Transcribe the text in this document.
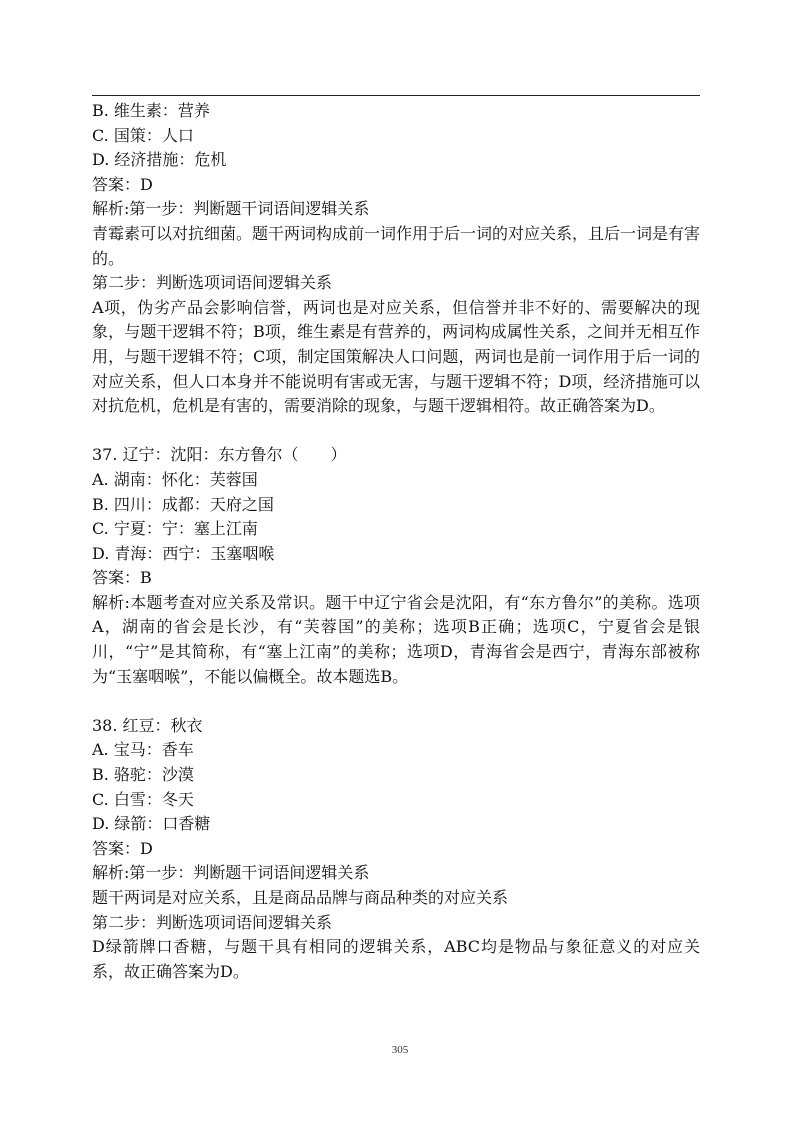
B. 维生素：营养

C. 国策：人口

D. 经济措施：危机

答案：D

解析:第一步：判断题干词语间逻辑关系

青霉素可以对抗细菌。题干两词构成前一词作用于后一词的对应关系，且后一词是有害的。

第二步：判断选项词语间逻辑关系

A项，伪劣产品会影响信誉，两词也是对应关系，但信誉并非不好的、需要解决的现象，与题干逻辑不符；B项，维生素是有营养的，两词构成属性关系，之间并无相互作用，与题干逻辑不符；C项，制定国策解决人口问题，两词也是前一词作用于后一词的对应关系，但人口本身并不能说明有害或无害，与题干逻辑不符；D项，经济措施可以对抗危机，危机是有害的，需要消除的现象，与题干逻辑相符。故正确答案为D。

37. 辽宁：沈阳：东方鲁尔（　　）

A. 湖南：怀化：芙蓉国

B. 四川：成都：天府之国

C. 宁夏：宁：塞上江南

D. 青海：西宁：玉塞咽喉

答案：B

解析:本题考查对应关系及常识。题干中辽宁省会是沈阳，有“东方鲁尔”的美称。选项A，湖南的省会是长沙，有“芙蓉国”的美称；选项B正确；选项C，宁夏省会是银川，“宁”是其简称，有“塞上江南”的美称；选项D，青海省会是西宁，青海东部被称为“玉塞咽喉”，不能以偏概全。故本题选B。

38. 红豆：秋衣

A. 宝马：香车

B. 骆驼：沙漠

C. 白雪：冬天

D. 绿箭：口香糖

答案：D

解析:第一步：判断题干词语间逻辑关系

题干两词是对应关系，且是商品品牌与商品种类的对应关系

第二步：判断选项词语间逻辑关系

D绿箭牌口香糖，与题干具有相同的逻辑关系，ABC均是物品与象征意义的对应关系，故正确答案为D。

305
